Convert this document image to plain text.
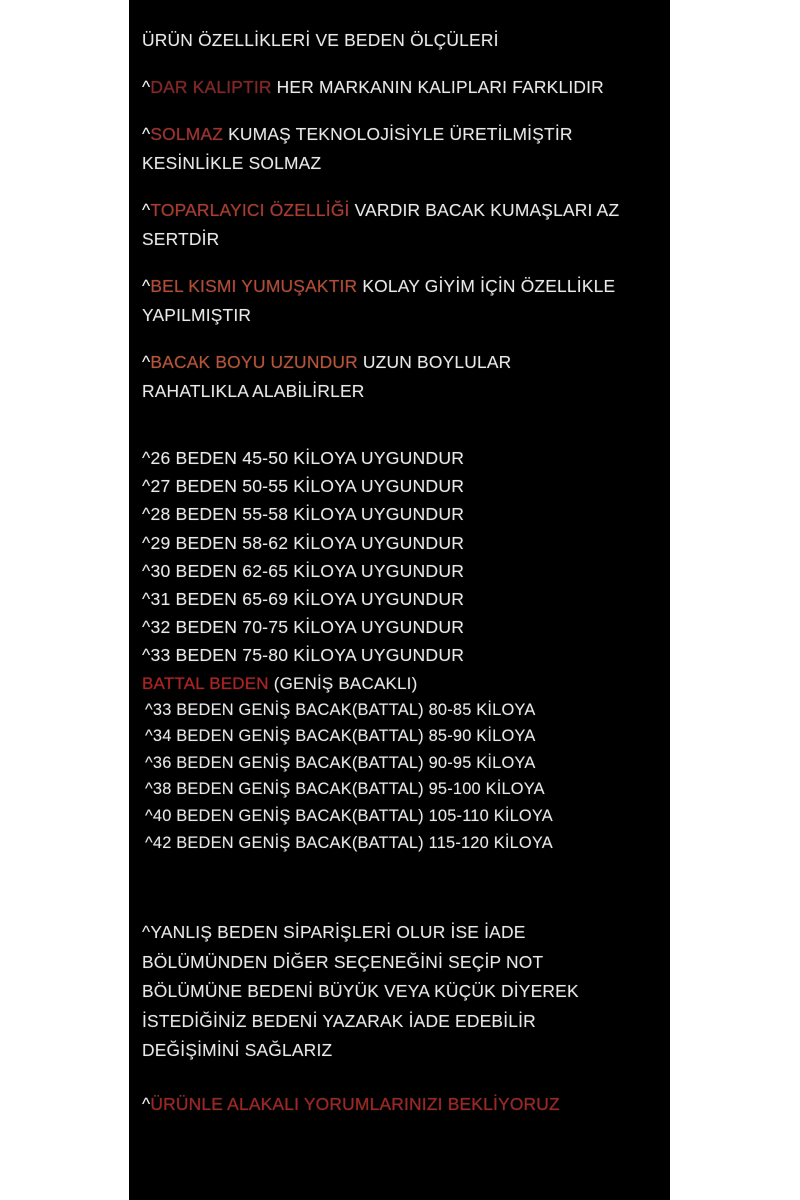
ÜRÜN ÖZELLİKLERİ VE BEDEN ÖLÇÜLERİ
^DAR KALIPTIR HER MARKANIN KALIPLARI FARKLIDIR
^SOLMAZ KUMAŞ TEKNOLOJİSİYLE ÜRETİLMİŞTİR
KESİNLİKLE SOLMAZ
^TOPARLAYICI ÖZELLİĞİ VARDIR BACAK KUMAŞLARI AZ
SERTDİR
^BEL KISMI YUMUŞAKTIR KOLAY GİYİM İÇİN ÖZELLİKLE
YAPILMIŞTIR
^BACAK BOYU UZUNDUR UZUN BOYLULAR
RAHATLIKLA ALABİLİRLER
^26 BEDEN 45-50 KİLOYA UYGUNDUR
^27 BEDEN 50-55 KİLOYA UYGUNDUR
^28 BEDEN 55-58 KİLOYA UYGUNDUR
^29 BEDEN 58-62 KİLOYA UYGUNDUR
^30 BEDEN 62-65 KİLOYA UYGUNDUR
^31 BEDEN 65-69 KİLOYA UYGUNDUR
^32 BEDEN 70-75 KİLOYA UYGUNDUR
^33 BEDEN 75-80 KİLOYA UYGUNDUR
BATTAL BEDEN (GENİŞ BACAKLI)
^33 BEDEN GENİŞ BACAK(BATTAL) 80-85 KİLOYA
^34 BEDEN GENİŞ BACAK(BATTAL) 85-90 KİLOYA
^36 BEDEN GENİŞ BACAK(BATTAL) 90-95 KİLOYA
^38 BEDEN GENİŞ BACAK(BATTAL) 95-100 KİLOYA
^40 BEDEN GENİŞ BACAK(BATTAL) 105-110 KİLOYA
^42 BEDEN GENİŞ BACAK(BATTAL) 115-120 KİLOYA
^YANLIŞ BEDEN SİPARİŞLERİ OLUR İSE İADE
BÖLÜMÜNDEN DİĞER SEÇENEĞİNİ SEÇİP NOT
BÖLÜMÜNE BEDENİ BÜYÜK VEYA KÜÇÜK DİYEREK
İSTEDİĞİNİZ BEDENİ YAZARAK İADE EDEBİLİR
DEĞİŞİMİNİ SAĞLARIZ
^ÜRÜNLE ALAKALI YORUMLARINIZI BEKLİYORUZ
